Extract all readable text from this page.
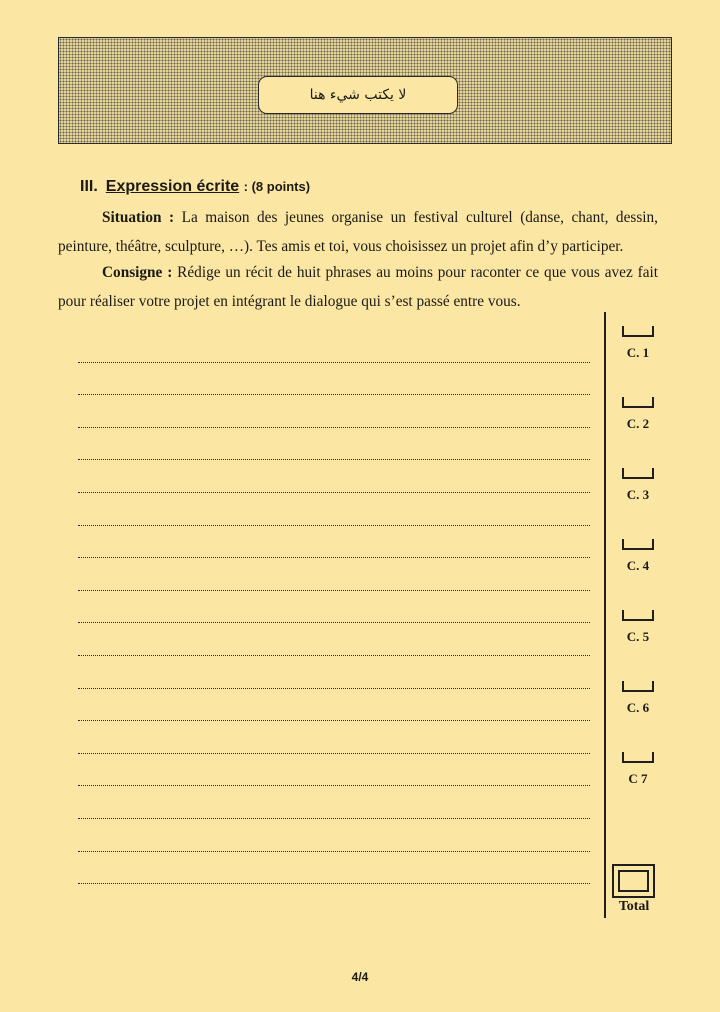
لا يكتب شيء هنا
III. Expression écrite : (8 points)
Situation : La maison des jeunes organise un festival culturel (danse, chant, dessin, peinture, théâtre, sculpture, …). Tes amis et toi, vous choisissez un projet afin d’y participer.
Consigne : Rédige un récit de huit phrases au moins pour raconter ce que vous avez fait pour réaliser votre projet en intégrant le dialogue qui s’est passé entre vous.
C. 1
C. 2
C. 3
C. 4
C. 5
C. 6
C 7
Total
4/4
